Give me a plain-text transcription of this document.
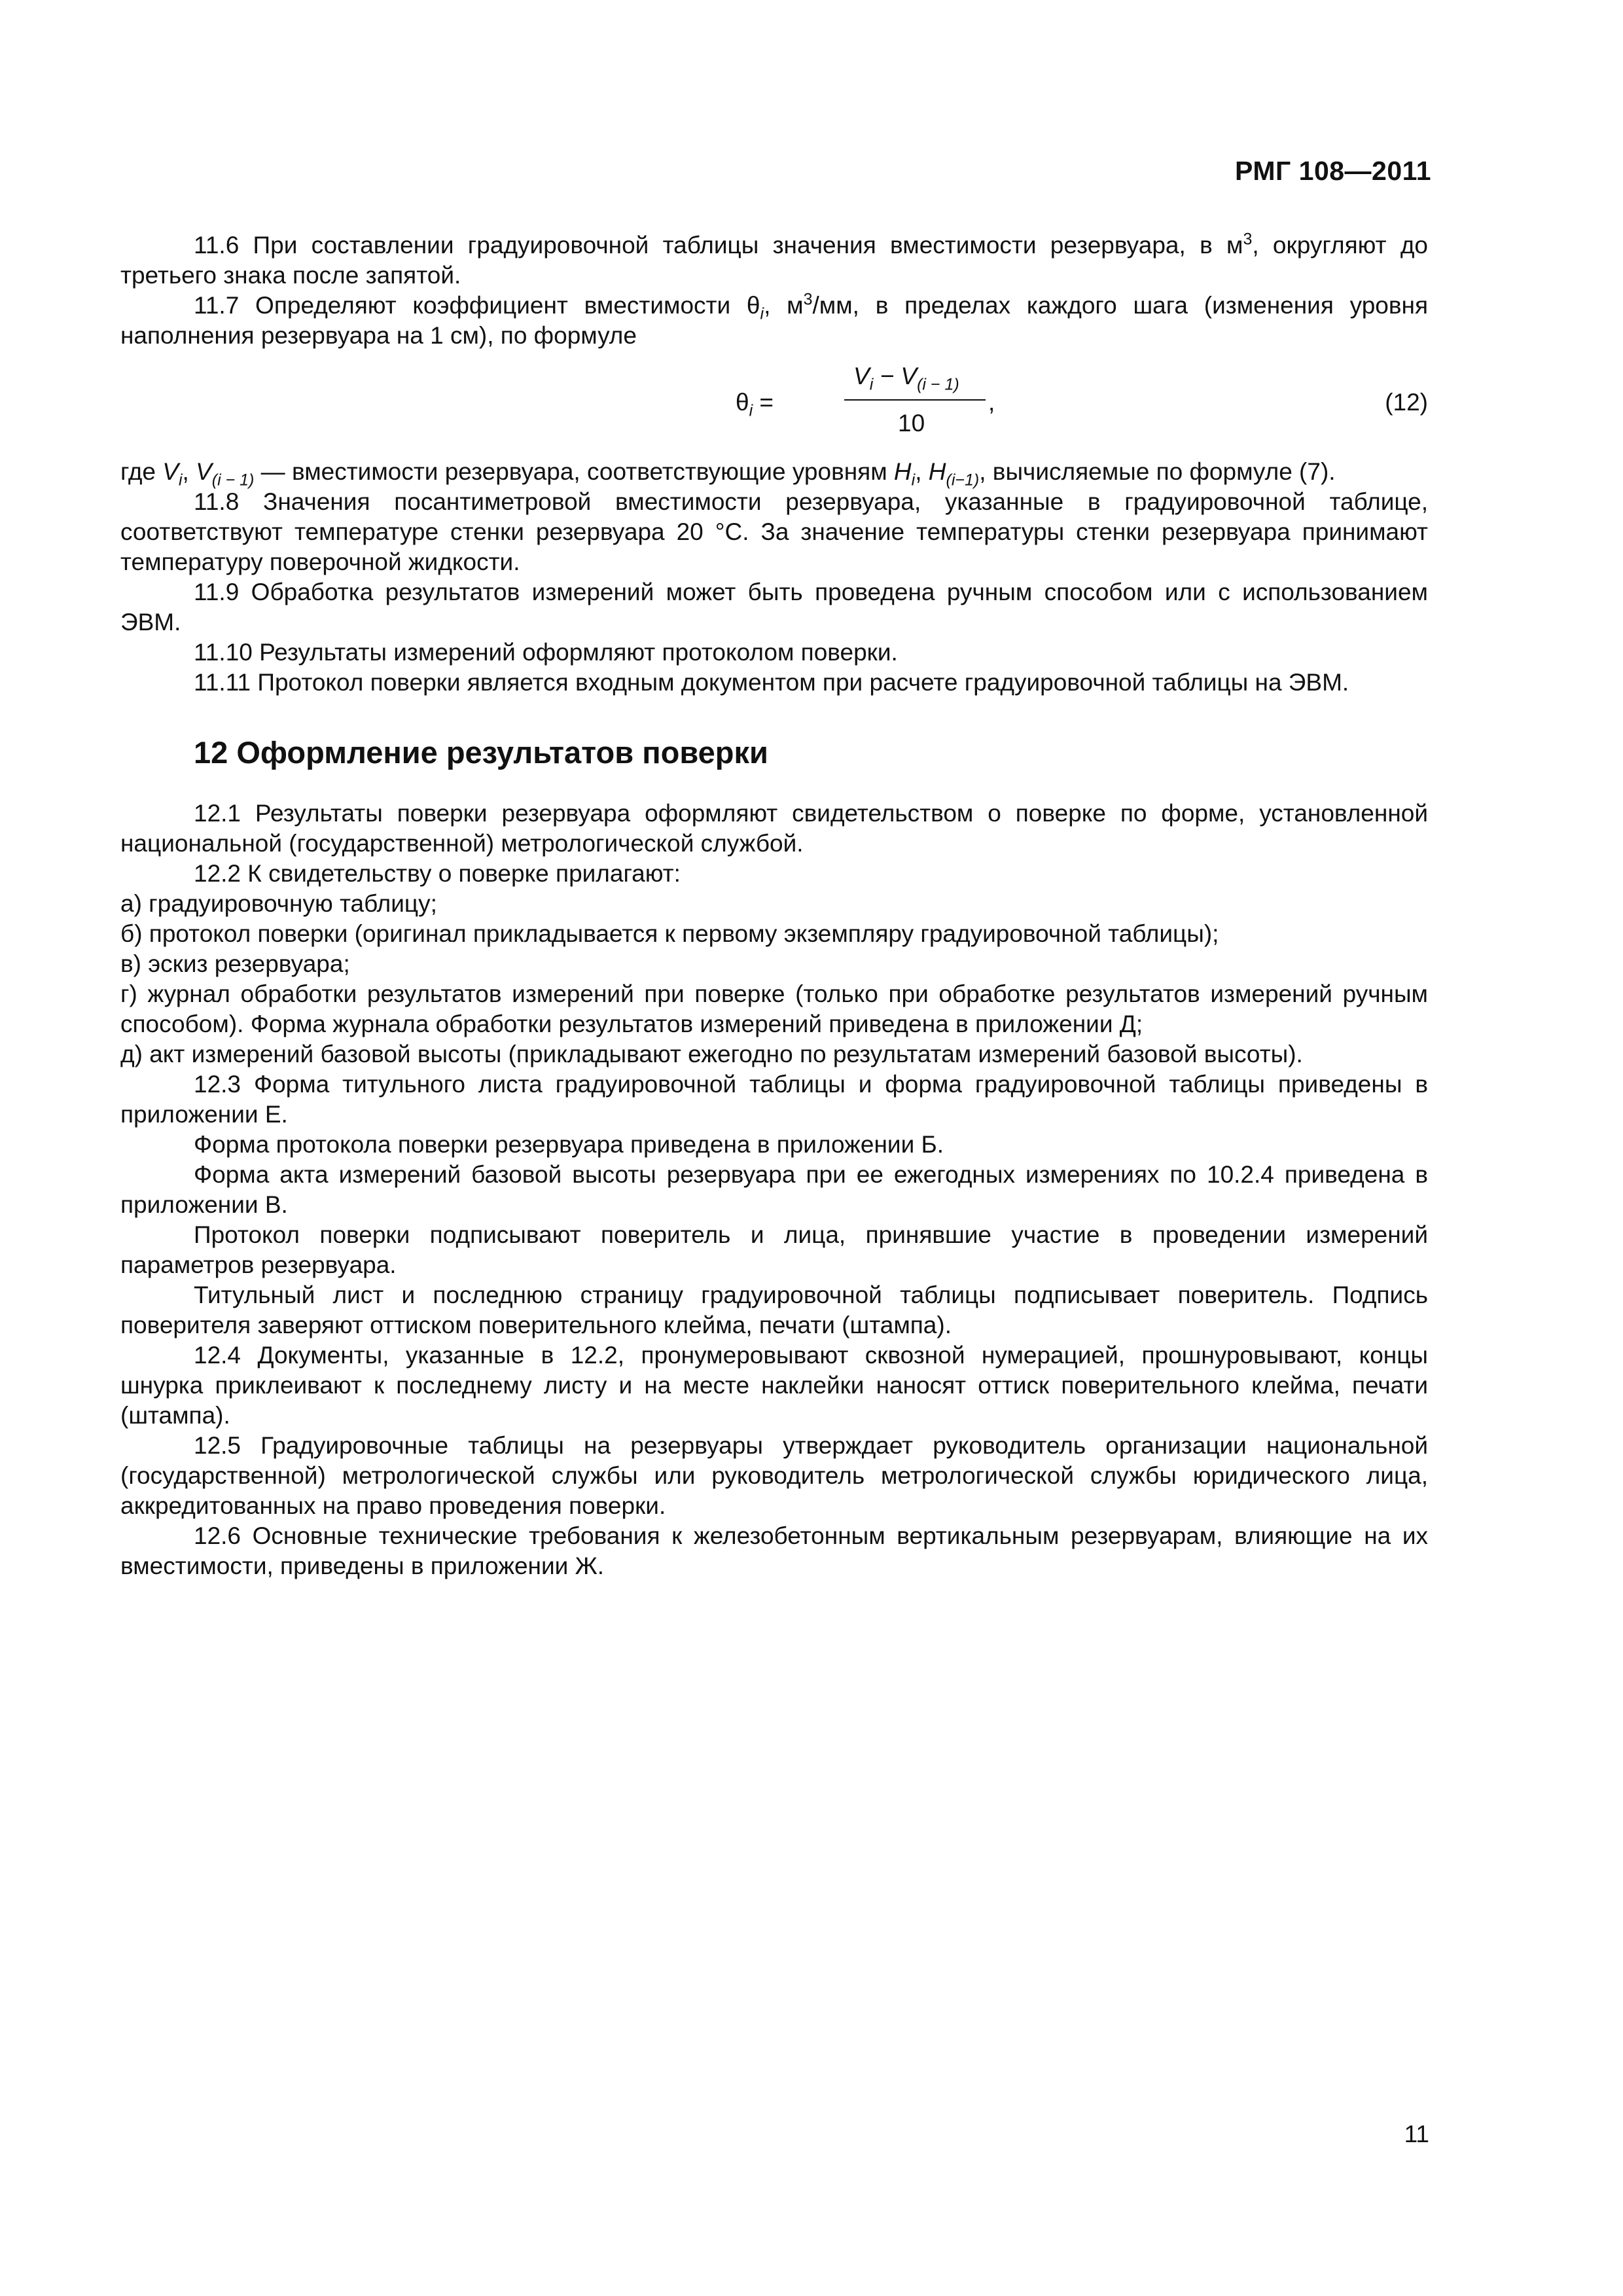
РМГ 108—2011

11.6 При составлении градуировочной таблицы значения вместимости резервуара, в $м^3$, округляют до третьего знака после запятой.

11.7 Определяют коэффициент вместимости $\theta_i$, $м^3/мм$, в пределах каждого шага (изменения уровня наполнения резервуара на 1 см), по формуле

$\theta_i$ =
$V_i - V_{(i - 1)}$
10
,	(12)

где $V_i$, $V_{(i - 1)}$ — вместимости резервуара, соответствующие уровням $H_i$, $H_{(i-1)}$, вычисляемые по формуле (7).

11.8 Значения посантиметровой вместимости резервуара, указанные в градуировочной таблице, соответствуют температуре стенки резервуара 20 °С. За значение температуры стенки резервуара принимают температуру поверочной жидкости.

11.9 Обработка результатов измерений может быть проведена ручным способом или с использованием ЭВМ.

11.10 Результаты измерений оформляют протоколом поверки.

11.11 Протокол поверки является входным документом при расчете градуировочной таблицы на ЭВМ.

12 Оформление результатов поверки

12.1 Результаты поверки резервуара оформляют свидетельством о поверке по форме, установленной национальной (государственной) метрологической службой.

12.2 К свидетельству о поверке прилагают:

а) градуировочную таблицу;

б) протокол поверки (оригинал прикладывается к первому экземпляру градуировочной таблицы);

в) эскиз резервуара;

г) журнал обработки результатов измерений при поверке (только при обработке результатов измерений ручным способом). Форма журнала обработки результатов измерений приведена в приложении Д;

д) акт измерений базовой высоты (прикладывают ежегодно по результатам измерений базовой высоты).

12.3 Форма титульного листа градуировочной таблицы и форма градуировочной таблицы приведены в приложении Е.

Форма протокола поверки резервуара приведена в приложении Б.

Форма акта измерений базовой высоты резервуара при ее ежегодных измерениях по 10.2.4 приведена в приложении В.

Протокол поверки подписывают поверитель и лица, принявшие участие в проведении измерений параметров резервуара.

Титульный лист и последнюю страницу градуировочной таблицы подписывает поверитель. Подпись поверителя заверяют оттиском поверительного клейма, печати (штампа).

12.4 Документы, указанные в 12.2, пронумеровывают сквозной нумерацией, прошнуровывают, концы шнурка приклеивают к последнему листу и на месте наклейки наносят оттиск поверительного клейма, печати (штампа).

12.5 Градуировочные таблицы на резервуары утверждает руководитель организации национальной (государственной) метрологической службы или руководитель метрологической службы юридического лица, аккредитованных на право проведения поверки.

12.6 Основные технические требования к железобетонным вертикальным резервуарам, влияющие на их вместимости, приведены в приложении Ж.

11
